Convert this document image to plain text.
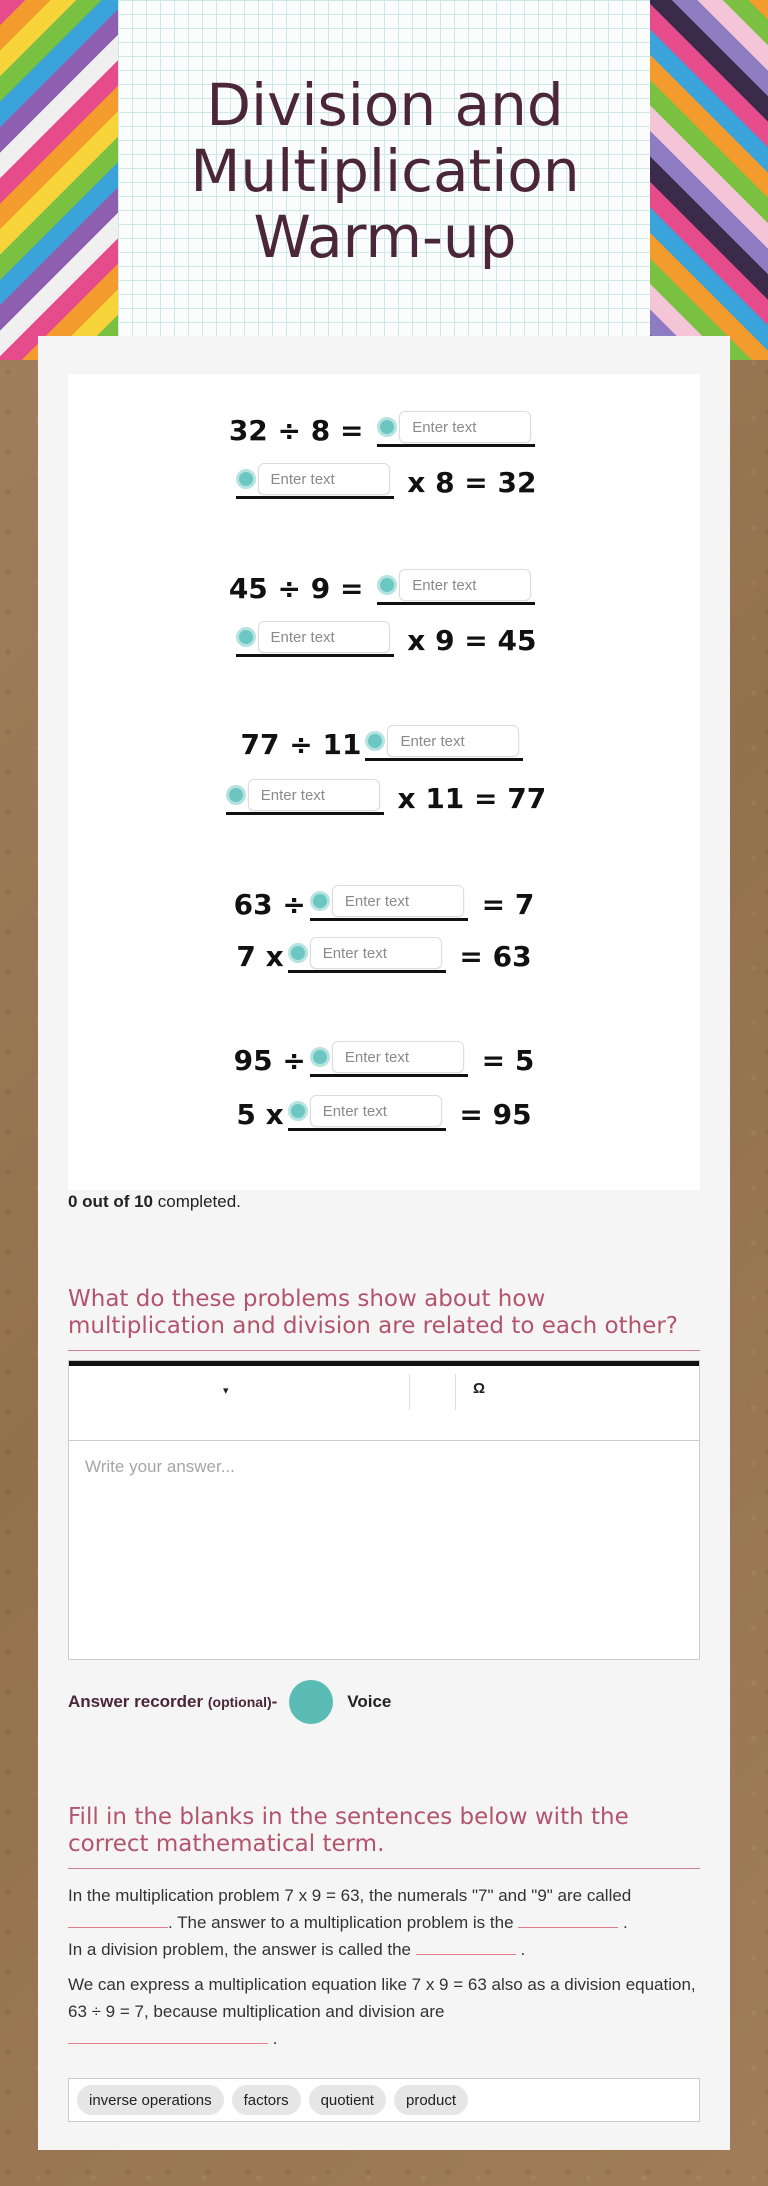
Division and
Multiplication
Warm-up
32 ÷ 8 =	Enter text
Enter text	x 8 = 32
45 ÷ 9 =	Enter text
Enter text	x 9 = 45
77 ÷ 11	Enter text
Enter text	x 11 = 77
63 ÷	Enter text	= 7
7 x	Enter text	= 63
95 ÷	Enter text	= 5
5 x	Enter text	= 95
0 out of 10 completed.
What do these problems show about how multiplication and division are related to each other?
▾	Ω
Write your answer...
Answer recorder
(optional) -	Voice
Fill in the blanks in the sentences below with the correct mathematical term.

In the multiplication problem 7 x 9 = 63, the numerals "7" and "9" are called . The answer to a multiplication problem is the	.
In a division problem, the answer is called the	.

We can express a multiplication equation like 7 x 9 = 63 also as a division equation, 63 ÷ 9 = 7, because multiplication and division are
.

inverse operations	factors	quotient	product
